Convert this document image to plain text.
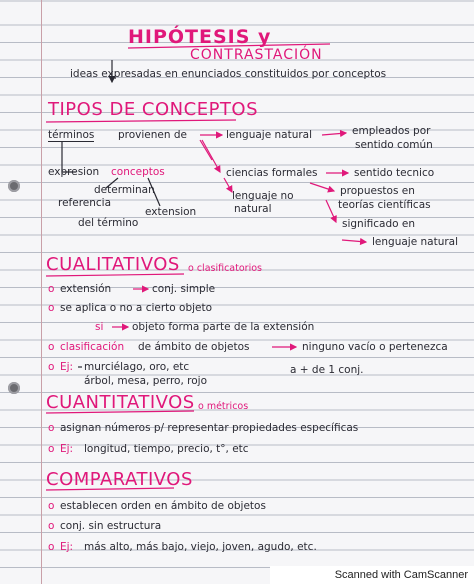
HIPÓTESIS y
CONTRASTACIÓN
ideas expresadas en enunciados constituidos por conceptos
TIPOS DE CONCEPTOS
términos provienen de	lenguaje natural	empleados por
sentido común
expresion conceptos	ciencias formales	sentido tecnico
determinan
referencia
extension
del término
lenguaje no
natural
propuestos en
teorías científicas
significado en
lenguaje natural
CUALITATIVOS o clasificatorios
o extensión	conj. simple
o se aplica o no a cierto objeto
si	objeto forma parte de la extensión
o clasificación de ámbito de objetos	ninguno vacío o pertenezca
o Ej: murciélago, oro, etc	a + de 1 conj.
árbol, mesa, perro, rojo
CUANTITATIVOS o métricos
o asignan números p/ representar propiedades específicas
o Ej: longitud, tiempo, precio, t°, etc
COMPARATIVOS
o establecen orden en ámbito de objetos
o conj. sin estructura
o Ej: más alto, más bajo, viejo, joven, agudo, etc.
Scanned with CamScanner
